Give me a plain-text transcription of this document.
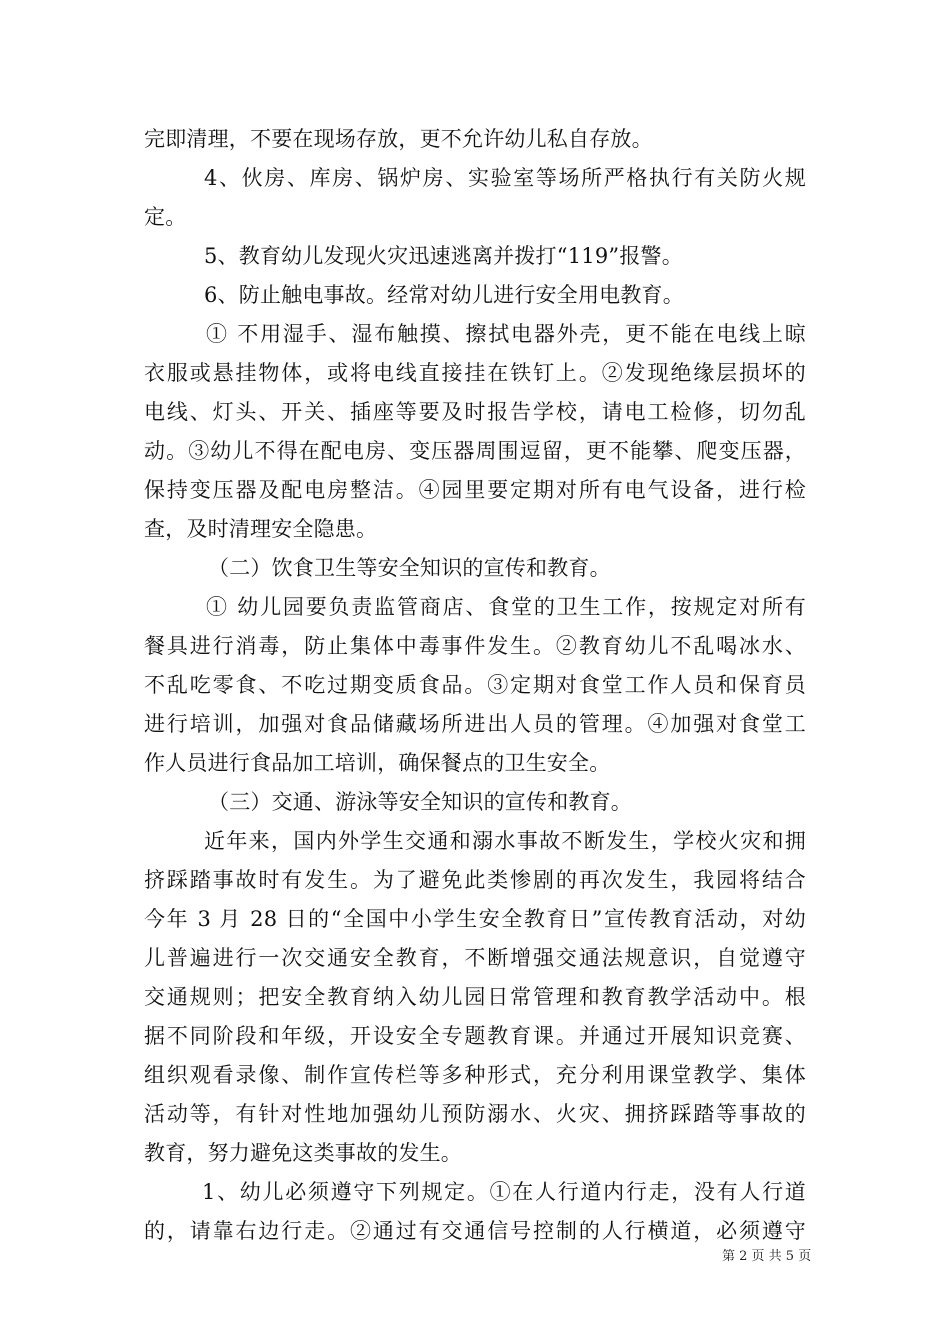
完即清理，不要在现场存放，更不允许幼儿私自存放。
4、伙房、库房、锅炉房、实验室等场所严格执行有关防火规
定。
5、教育幼儿发现火灾迅速逃离并拨打“119”报警。
6、防止触电事故。经常对幼儿进行安全用电教育。
① 不用湿手、湿布触摸、擦拭电器外壳，更不能在电线上晾
衣服或悬挂物体，或将电线直接挂在铁钉上。②发现绝缘层损坏的
电线、灯头、开关、插座等要及时报告学校，请电工检修，切勿乱
动。③幼儿不得在配电房、变压器周围逗留，更不能攀、爬变压器，
保持变压器及配电房整洁。④园里要定期对所有电气设备，进行检
查，及时清理安全隐患。
（二）饮食卫生等安全知识的宣传和教育。
① 幼儿园要负责监管商店、食堂的卫生工作，按规定对所有
餐具进行消毒，防止集体中毒事件发生。②教育幼儿不乱喝冰水、
不乱吃零食、不吃过期变质食品。③定期对食堂工作人员和保育员
进行培训，加强对食品储藏场所进出人员的管理。④加强对食堂工
作人员进行食品加工培训，确保餐点的卫生安全。
（三）交通、游泳等安全知识的宣传和教育。
近年来，国内外学生交通和溺水事故不断发生，学校火灾和拥
挤踩踏事故时有发生。为了避免此类惨剧的再次发生，我园将结合
今年 3 月 28 日的“全国中小学生安全教育日”宣传教育活动，对幼
儿普遍进行一次交通安全教育，不断增强交通法规意识，自觉遵守
交通规则；把安全教育纳入幼儿园日常管理和教育教学活动中。根
据不同阶段和年级，开设安全专题教育课。并通过开展知识竞赛、
组织观看录像、制作宣传栏等多种形式，充分利用课堂教学、集体
活动等，有针对性地加强幼儿预防溺水、火灾、拥挤踩踏等事故的
教育，努力避免这类事故的发生。
1、幼儿必须遵守下列规定。①在人行道内行走，没有人行道
的，请靠右边行走。②通过有交通信号控制的人行横道，必须遵守
第 2 页 共 5 页
